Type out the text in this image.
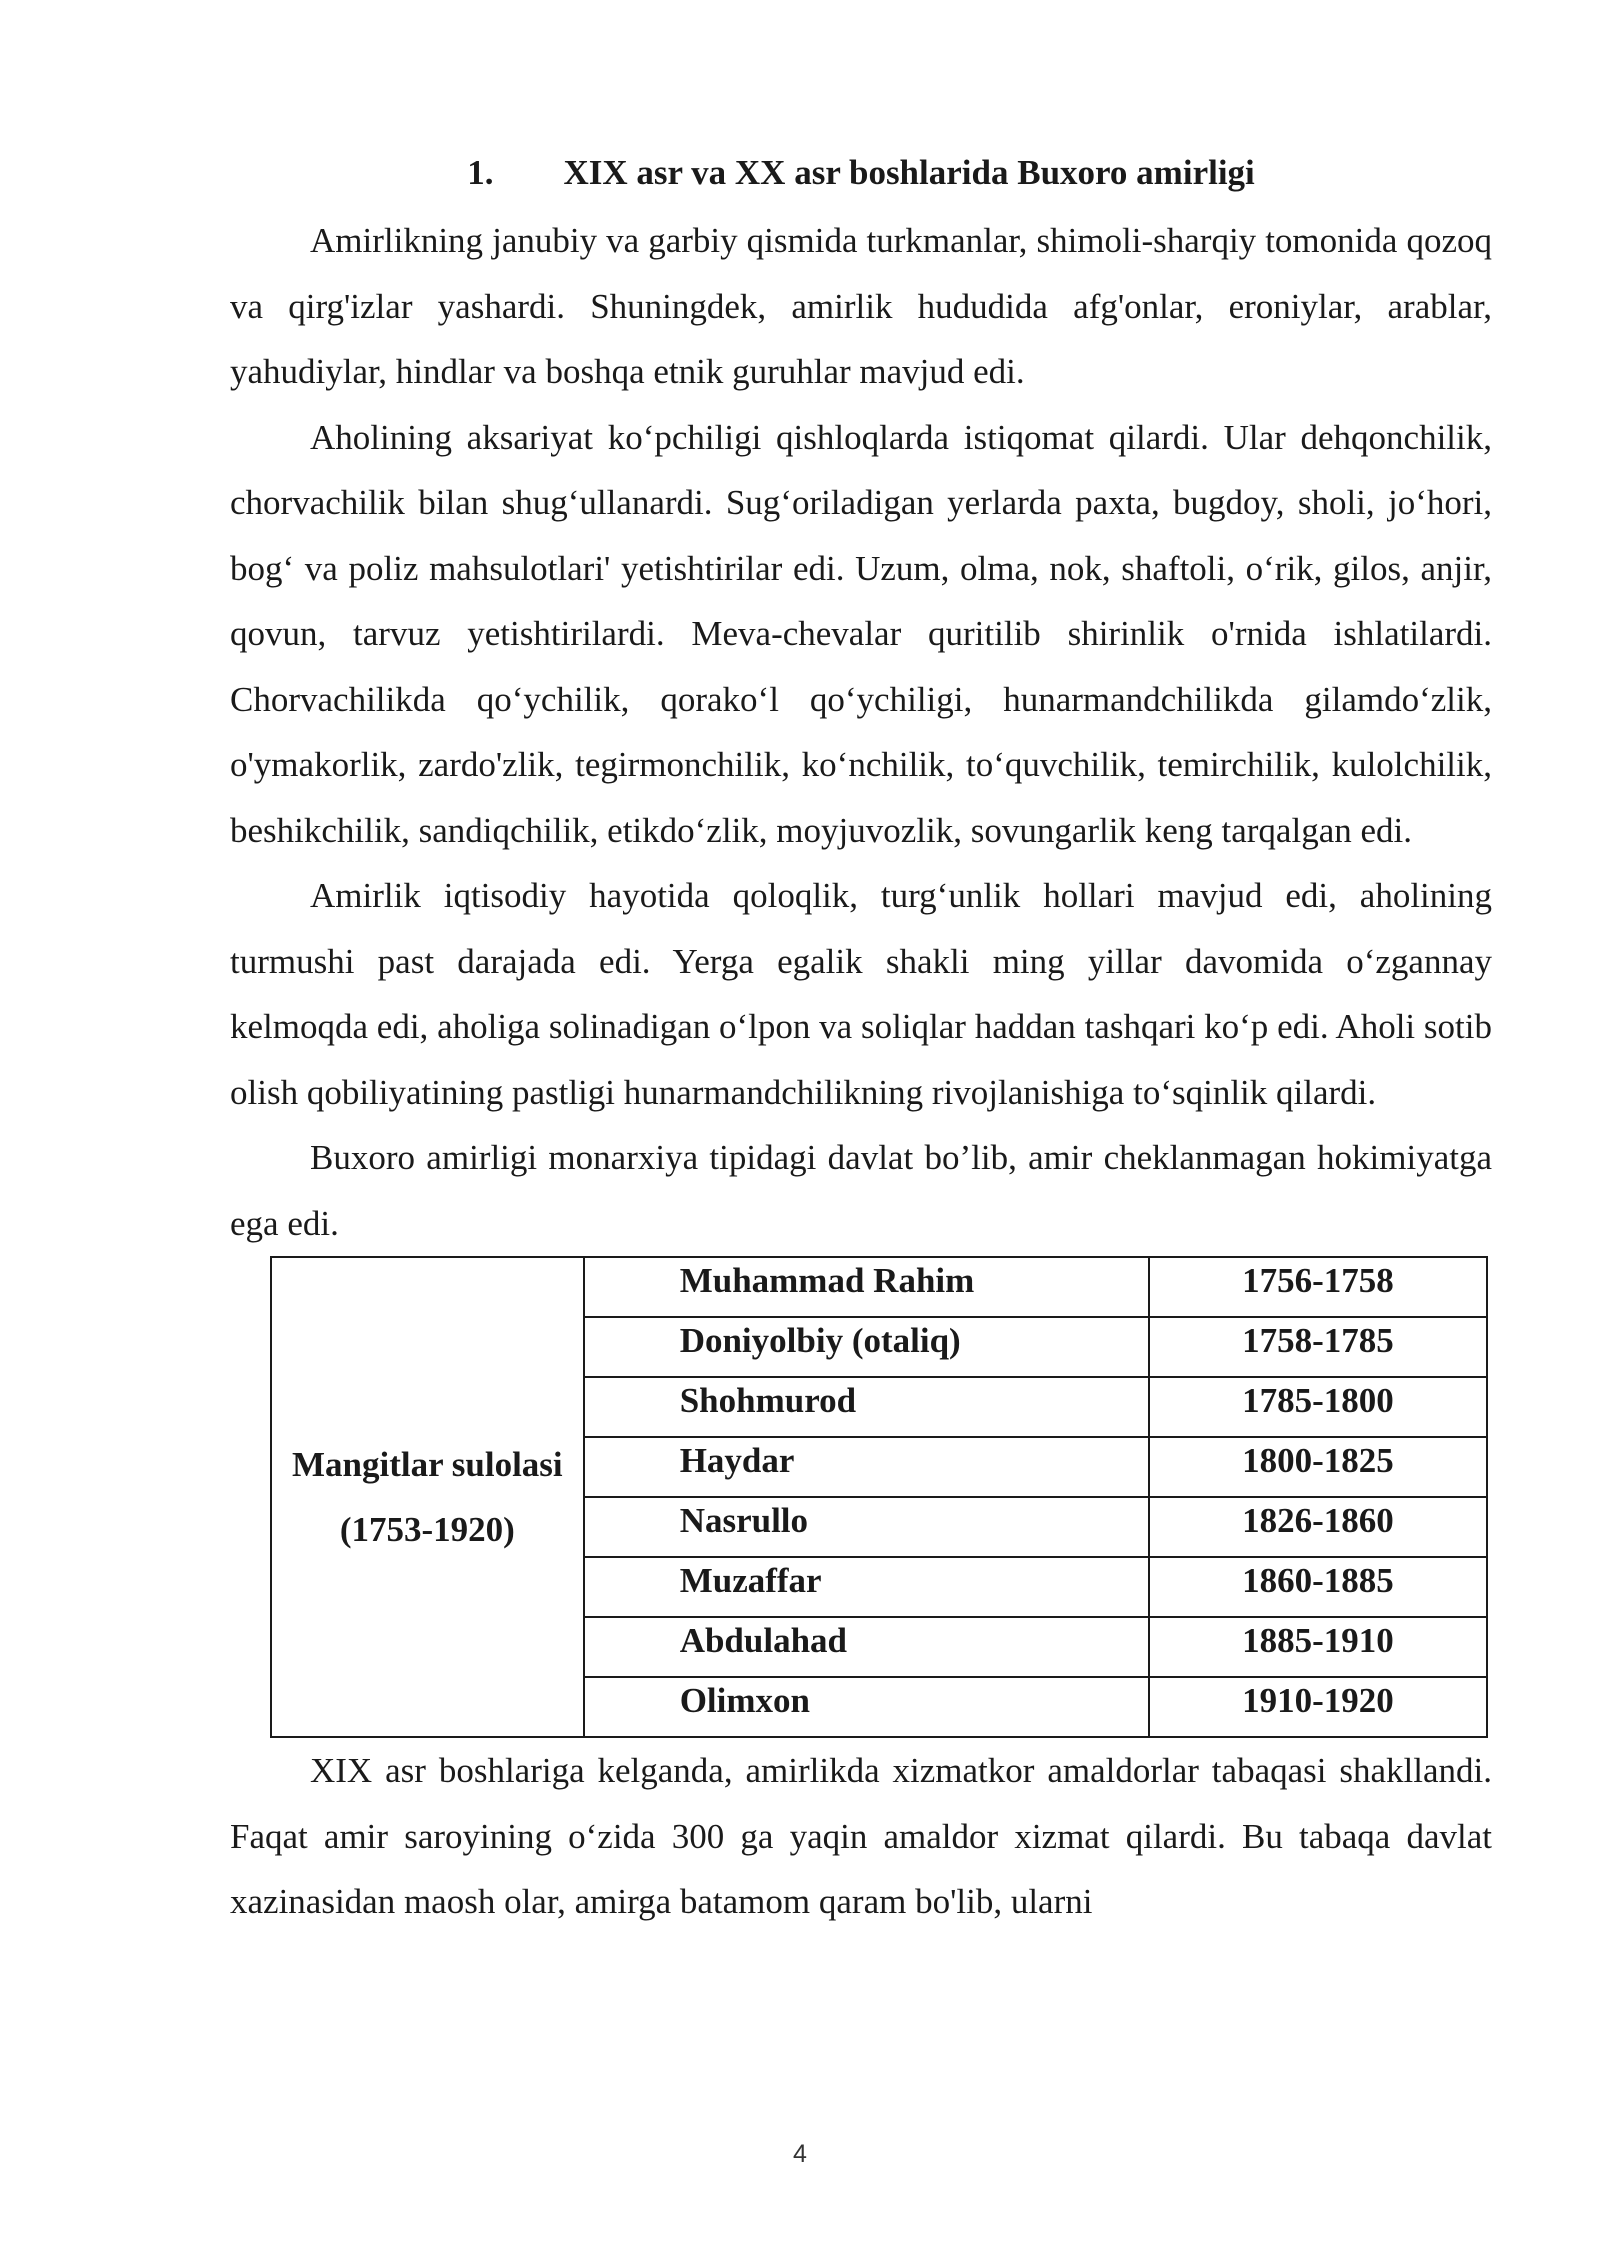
1. XIX asr va XX asr boshlarida Buxoro amirligi

Amirlikning janubiy va garbiy qismida turkmanlar, shimoli-sharqiy tomonida qozoq va qirg'izlar yashardi. Shuningdek, amirlik hududida afg'onlar, eroniylar, arablar, yahudiylar, hindlar va boshqa etnik guruhlar mavjud edi.

Aholining aksariyat ko‘pchiligi qishloqlarda istiqomat qilardi. Ular dehqonchilik, chorvachilik bilan shug‘ullanardi. Sug‘oriladigan yerlarda paxta, bugdoy, sholi, jo‘hori, bog‘ va poliz mahsulotlari' yetishtirilar edi. Uzum, olma, nok, shaftoli, o‘rik, gilos, anjir, qovun, tarvuz yetishtirilardi. Meva-chevalar quritilib shirinlik o'rnida ishlatilardi. Chorvachilikda qo‘ychilik, qorako‘l qo‘ychiligi, hunarmandchilikda gilamdo‘zlik, o'ymakorlik, zardo'zlik, tegirmonchilik, ko‘nchilik, to‘quvchilik, temirchilik, kulolchilik, beshikchilik, sandiqchilik, etikdo‘zlik, moyjuvozlik, sovungarlik keng tarqalgan edi.

Amirlik iqtisodiy hayotida qoloqlik, turg‘unlik hollari mavjud edi, aholining turmushi past darajada edi. Yerga egalik shakli ming yillar davomida o‘zgannay kelmoqda edi, aholiga solinadigan o‘lpon va soliqlar haddan tashqari ko‘p edi. Aholi sotib olish qobiliyatining pastligi hunarmandchilikning rivojlanishiga to‘sqinlik qilardi.

Buxoro amirligi monarxiya tipidagi davlat bo’lib, amir cheklanmagan hokimiyatga ega edi.

Mangitlar sulolasi (1753-1920)	Muhammad Rahim	1756-1758
	Doniyolbiy (otaliq)	1758-1785
	Shohmurod	1785-1800
	Haydar	1800-1825
	Nasrullo	1826-1860
	Muzaffar	1860-1885
	Abdulahad	1885-1910
	Olimxon	1910-1920

XIX asr boshlariga kelganda, amirlikda xizmatkor amaldorlar tabaqasi shakllandi. Faqat amir saroyining o‘zida 300 ga yaqin amaldor xizmat qilardi. Bu tabaqa davlat xazinasidan maosh olar, amirga batamom qaram bo'lib, ularni

4
